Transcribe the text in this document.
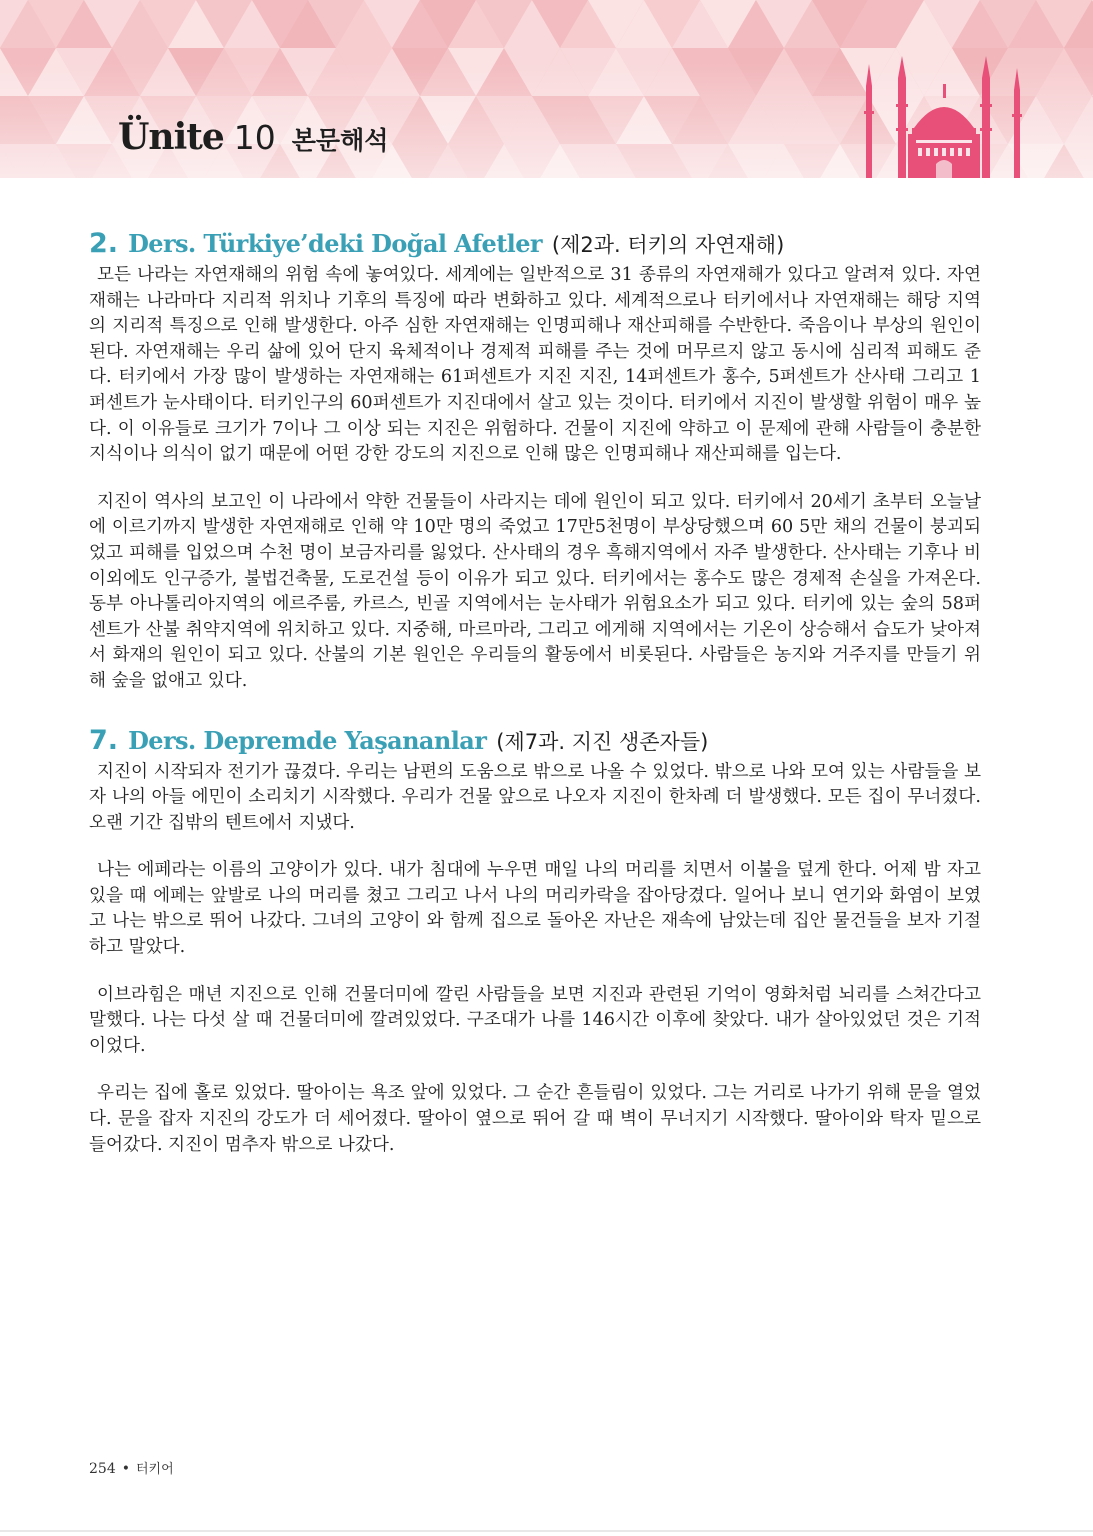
Ünite 10 본문해석
2 . Ders. Türkiye’deki Doğal Afetler (제2과. 터키의 자연재해)

모든 나라는 자연재해의 위험 속에 놓여있다. 세계에는 일반적으로 31 종류의 자연재해가 있다고 알려져 있다. 자연재해는 나라마다 지리적 위치나 기후의 특징에 따라 변화하고 있다. 세계적으로나 터키에서나 자연재해는 해당 지역의 지리적 특징으로 인해 발생한다. 아주 심한 자연재해는 인명피해나 재산피해를 수반한다. 죽음이나 부상의 원인이 된다. 자연재해는 우리 삶에 있어 단지 육체적이나 경제적 피해를 주는 것에 머무르지 않고 동시에 심리적 피해도 준다. 터키에서 가장 많이 발생하는 자연재해는 61퍼센트가 지진 지진, 14퍼센트가 홍수, 5퍼센트가 산사태 그리고 1퍼센트가 눈사태이다. 터키인구의 60퍼센트가 지진대에서 살고 있는 것이다. 터키에서 지진이 발생할 위험이 매우 높다. 이 이유들로 크기가 7이나 그 이상 되는 지진은 위험하다. 건물이 지진에 약하고 이 문제에 관해 사람들이 충분한 지식이나 의식이 없기 때문에 어떤 강한 강도의 지진으로 인해 많은 인명피해나 재산피해를 입는다.

지진이 역사의 보고인 이 나라에서 약한 건물들이 사라지는 데에 원인이 되고 있다. 터키에서 20세기 초부터 오늘날에 이르기까지 발생한 자연재해로 인해 약 10만 명의 죽었고 17만5천명이 부상당했으며 60 5만 채의 건물이 붕괴되었고 피해를 입었으며 수천 명이 보금자리를 잃었다. 산사태의 경우 흑해지역에서 자주 발생한다. 산사태는 기후나 비 이외에도 인구증가, 불법건축물, 도로건설 등이 이유가 되고 있다. 터키에서는 홍수도 많은 경제적 손실을 가져온다. 동부 아나톨리아지역의 에르주룸, 카르스, 빈골 지역에서는 눈사태가 위험요소가 되고 있다. 터키에 있는 숲의 58퍼센트가 산불 취약지역에 위치하고 있다. 지중해, 마르마라, 그리고 에게해 지역에서는 기온이 상승해서 습도가 낮아져서 화재의 원인이 되고 있다. 산불의 기본 원인은 우리들의 활동에서 비롯된다. 사람들은 농지와 거주지를 만들기 위해 숲을 없애고 있다.

7 . Ders. Depremde Yaşananlar (제7과. 지진 생존자들)

지진이 시작되자 전기가 끊겼다. 우리는 남편의 도움으로 밖으로 나올 수 있었다. 밖으로 나와 모여 있는 사람들을 보자 나의 아들 에민이 소리치기 시작했다. 우리가 건물 앞으로 나오자 지진이 한차례 더 발생했다. 모든 집이 무너졌다. 오랜 기간 집밖의 텐트에서 지냈다.

나는 에페라는 이름의 고양이가 있다. 내가 침대에 누우면 매일 나의 머리를 치면서 이불을 덮게 한다. 어제 밤 자고 있을 때 에페는 앞발로 나의 머리를 쳤고 그리고 나서 나의 머리카락을 잡아당겼다. 일어나 보니 연기와 화염이 보였고 나는 밖으로 뛰어 나갔다. 그녀의 고양이 와 함께 집으로 돌아온 자난은 재속에 남았는데 집안 물건들을 보자 기절하고 말았다.

이브라힘은 매년 지진으로 인해 건물더미에 깔린 사람들을 보면 지진과 관련된 기억이 영화처럼 뇌리를 스쳐간다고 말했다. 나는 다섯 살 때 건물더미에 깔려있었다. 구조대가 나를 146시간 이후에 찾았다. 내가 살아있었던 것은 기적이었다.

우리는 집에 홀로 있었다. 딸아이는 욕조 앞에 있었다. 그 순간 흔들림이 있었다. 그는 거리로 나가기 위해 문을 열었다. 문을 잡자 지진의 강도가 더 세어졌다. 딸아이 옆으로 뛰어 갈 때 벽이 무너지기 시작했다. 딸아이와 탁자 밑으로 들어갔다. 지진이 멈추자 밖으로 나갔다.

254 • 터키어
